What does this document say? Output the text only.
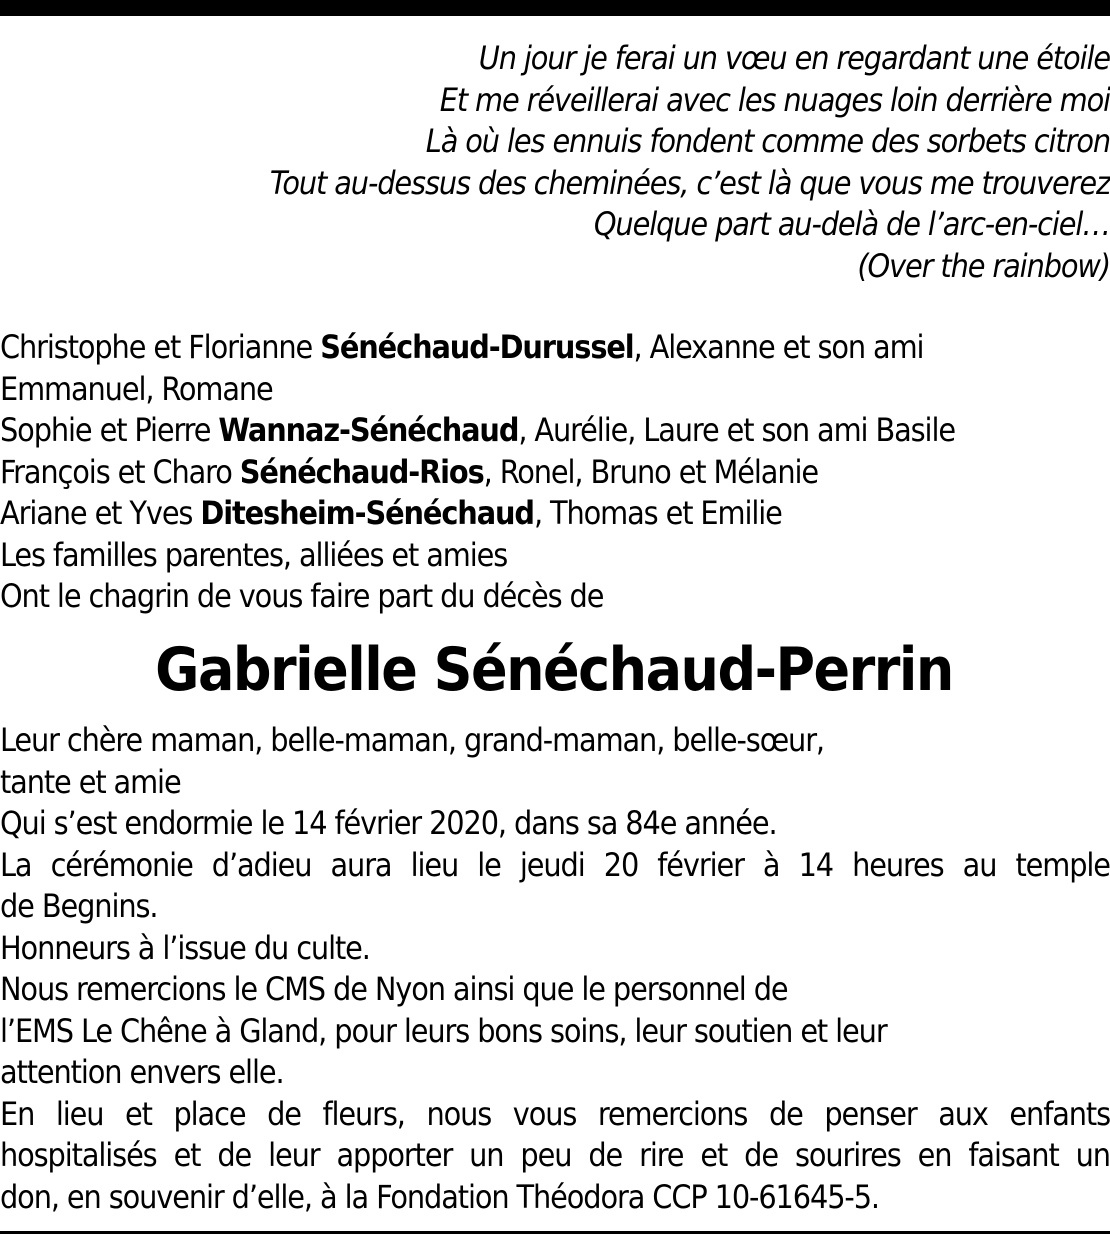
Un jour je ferai un vœu en regardant une étoile
Et me réveillerai avec les nuages loin derrière moi
Là où les ennuis fondent comme des sorbets citron
Tout au-dessus des cheminées, c’est là que vous me trouverez
Quelque part au-delà de l’arc-en-ciel…
(Over the rainbow)
Christophe et Florianne Sénéchaud-Durussel, Alexanne et son ami
Emmanuel, Romane
Sophie et Pierre Wannaz-Sénéchaud, Aurélie, Laure et son ami Basile
François et Charo Sénéchaud-Rios, Ronel, Bruno et Mélanie
Ariane et Yves Ditesheim-Sénéchaud, Thomas et Emilie
Les familles parentes, alliées et amies
Ont le chagrin de vous faire part du décès de
Gabrielle Sénéchaud-Perrin
Leur chère maman, belle-maman, grand-maman, belle-sœur,
tante et amie
Qui s’est endormie le 14 février 2020, dans sa 84e année.
La cérémonie d’adieu aura lieu le jeudi 20 février à 14 heures au temple
de Begnins.
Honneurs à l’issue du culte.
Nous remercions le CMS de Nyon ainsi que le personnel de
l’EMS Le Chêne à Gland, pour leurs bons soins, leur soutien et leur
attention envers elle.
En lieu et place de fleurs, nous vous remercions de penser aux enfants
hospitalisés et de leur apporter un peu de rire et de sourires en faisant un
don, en souvenir d’elle, à la Fondation Théodora CCP 10-61645-5.
